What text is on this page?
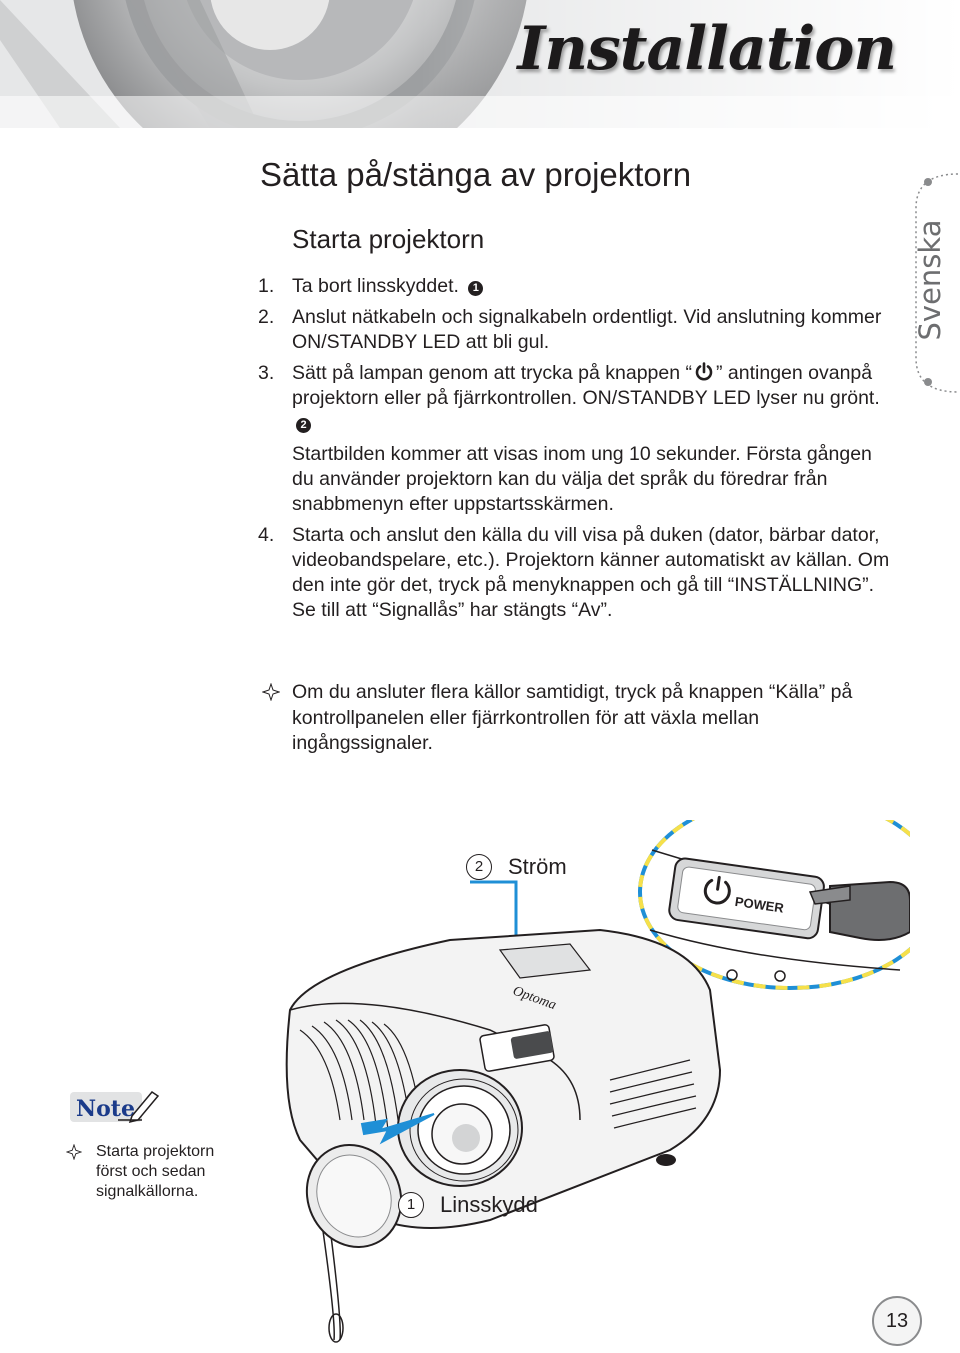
Installation
Svenska
Sätta på/stänga av projektorn
Starta projektorn
1. Ta bort linsskyddet. 1

2. Anslut nätkabeln och signalkabeln ordentligt. Vid anslutning kommer ON/STANDBY LED att bli gul.

3. Sätt på lampan genom att trycka på knappen “ ” antingen ovanpå projektorn eller på fjärrkontrollen. ON/STANDBY LED lyser nu grönt. 2

Startbilden kommer att visas inom ung 10 sekunder. Första gången du använder projektorn kan du välja det språk du föredrar från snabbmenyn efter uppstartsskärmen.

4. Starta och anslut den källa du vill visa på duken (dator, bärbar dator, videobandspelare, etc.). Projektorn känner automatiskt av källan. Om den inte gör det, tryck på menyknappen och gå till “INSTÄLLNING”.

Se till att “Signallås” har stängts “Av”.

Om du ansluter flera källor samtidigt, tryck på knappen “Källa” på kontrollpanelen eller fjärrkontrollen för att växla mellan ingångssignaler.

Note

Starta projektorn först och sedan signalkällorna.

POWER
Optoma
2	Ström
1	Linsskydd
13
